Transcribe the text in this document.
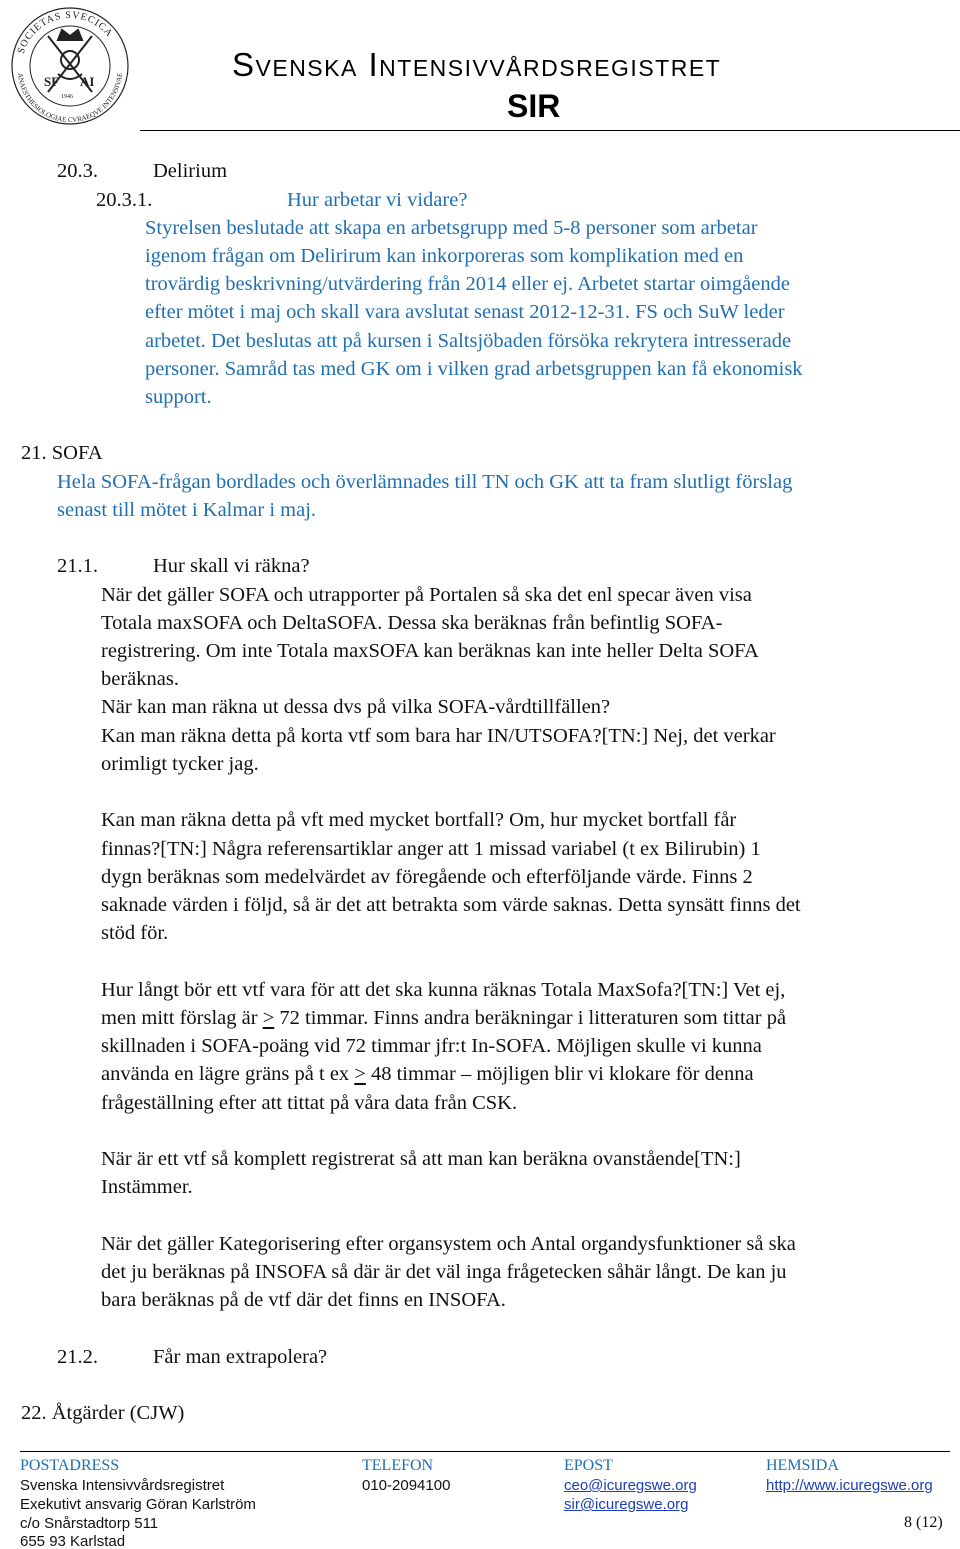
SOCIETAS SVECICA
ANAESTHESIOLOGIAE CVRAEQVE INTENSIVAE
SF AI
1946
Svenska Intensivvårdsregistret
SIR
20.3.	Delirium
20.3.1.	Hur arbetar vi vidare?
Styrelsen beslutade att skapa en arbetsgrupp med 5-8 personer som arbetar
igenom frågan om Delirirum kan inkorporeras som komplikation med en
trovärdig beskrivning/utvärdering från 2014 eller ej. Arbetet startar oimgående
efter mötet i maj och skall vara avslutat senast 2012-12-31. FS och SuW leder
arbetet. Det beslutas att på kursen i Saltsjöbaden försöka rekrytera intresserade
personer. Samråd tas med GK om i vilken grad arbetsgruppen kan få ekonomisk
support.
21. SOFA
Hela SOFA-frågan bordlades och överlämnades till TN och GK att ta fram slutligt förslag
senast till mötet i Kalmar i maj.
21.1.	Hur skall vi räkna?
När det gäller SOFA och utrapporter på Portalen så ska det enl specar även visa
Totala maxSOFA och DeltaSOFA. Dessa ska beräknas från befintlig SOFA-
registrering. Om inte Totala maxSOFA kan beräknas kan inte heller Delta SOFA
beräknas.
När kan man räkna ut dessa dvs på vilka SOFA-vårdtillfällen?
Kan man räkna detta på korta vtf som bara har IN/UTSOFA?[TN:] Nej, det verkar
orimligt tycker jag.
Kan man räkna detta på vft med mycket bortfall? Om, hur mycket bortfall får
finnas?[TN:] Några referensartiklar anger att 1 missad variabel (t ex Bilirubin) 1
dygn beräknas som medelvärdet av föregående och efterföljande värde. Finns 2
saknade värden i följd, så är det att betrakta som värde saknas. Detta synsätt finns det
stöd för.
Hur långt bör ett vtf vara för att det ska kunna räknas Totala MaxSofa?[TN:] Vet ej,
men mitt förslag är ≥ 72 timmar. Finns andra beräkningar i litteraturen som tittar på
skillnaden i SOFA-poäng vid 72 timmar jfr:t In-SOFA. Möjligen skulle vi kunna
använda en lägre gräns på t ex ≥ 48 timmar – möjligen blir vi klokare för denna
frågeställning efter att tittat på våra data från CSK.
När är ett vtf så komplett registrerat så att man kan beräkna ovanstående[TN:]
Instämmer.
När det gäller Kategorisering efter organsystem och Antal organdysfunktioner så ska
det ju beräknas på INSOFA så där är det väl inga frågetecken såhär långt. De kan ju
bara beräknas på de vtf där det finns en INSOFA.
21.2.	Får man extrapolera?
22. Åtgärder (CJW)
POSTADRESS
Svenska Intensivvårdsregistret
Exekutivt ansvarig Göran Karlström
c/o Snårstadtorp 511
655 93 Karlstad
TELEFON
010-2094100
EPOST
ceo@icuregswe.org
sir@icuregswe.org
HEMSIDA
http://www.icuregswe.org
8 (12)
